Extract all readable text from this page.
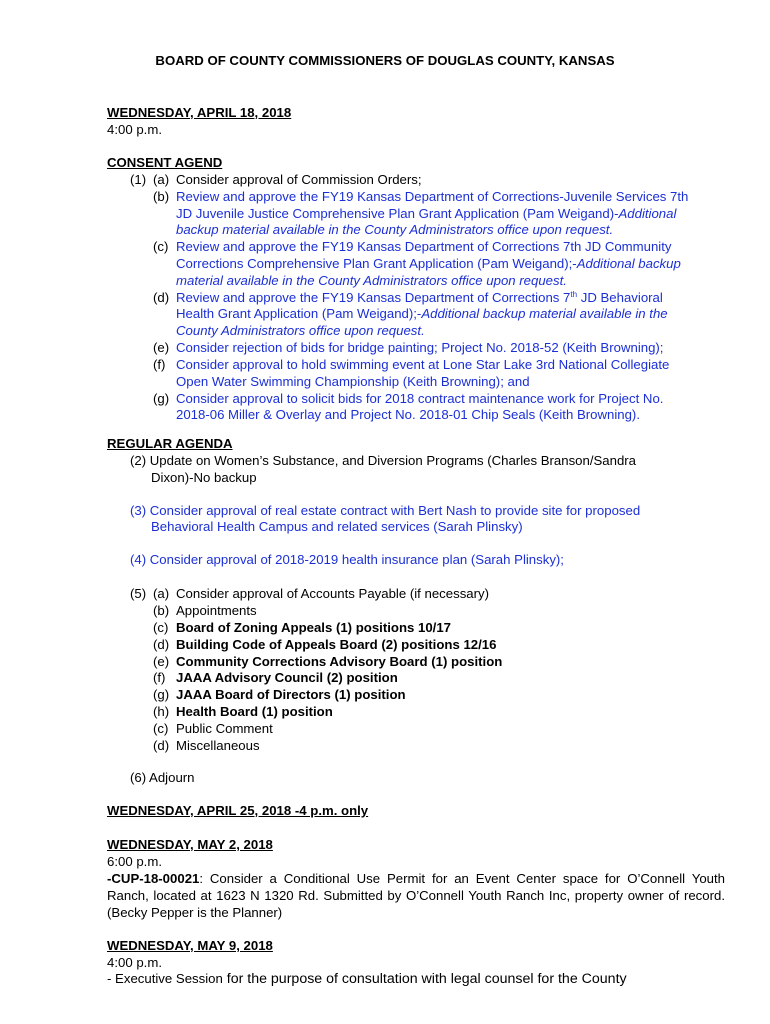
BOARD OF COUNTY COMMISSIONERS OF DOUGLAS COUNTY, KANSAS
WEDNESDAY, APRIL 18, 2018
4:00 p.m.
CONSENT AGEND
(1) (a) Consider approval of Commission Orders;
(b) Review and approve the FY19 Kansas Department of Corrections-Juvenile Services 7th
JD Juvenile Justice Comprehensive Plan Grant Application (Pam Weigand)-Additional
backup material available in the County Administrators office upon request.
(c) Review and approve the FY19 Kansas Department of Corrections 7th JD Community
Corrections Comprehensive Plan Grant Application (Pam Weigand);-Additional backup
material available in the County Administrators office upon request.
(d) Review and approve the FY19 Kansas Department of Corrections 7th JD Behavioral
Health Grant Application (Pam Weigand);-Additional backup material available in the
County Administrators office upon request.
(e) Consider rejection of bids for bridge painting; Project No. 2018-52 (Keith Browning);
(f) Consider approval to hold swimming event at Lone Star Lake 3rd National Collegiate
Open Water Swimming Championship (Keith Browning); and
(g) Consider approval to solicit bids for 2018 contract maintenance work for Project No.
2018-06 Miller & Overlay and Project No. 2018-01 Chip Seals (Keith Browning).
REGULAR AGENDA
(2) Update on Women’s Substance, and Diversion Programs (Charles Branson/Sandra
Dixon)-No backup
(3) Consider approval of real estate contract with Bert Nash to provide site for proposed
Behavioral Health Campus and related services (Sarah Plinsky)
(4) Consider approval of 2018-2019 health insurance plan (Sarah Plinsky);
(5) (a) Consider approval of Accounts Payable (if necessary)
(b) Appointments
(c) Board of Zoning Appeals (1) positions 10/17
(d) Building Code of Appeals Board (2) positions 12/16
(e) Community Corrections Advisory Board (1) position
(f) JAAA Advisory Council (2) position
(g) JAAA Board of Directors (1) position
(h) Health Board (1) position
(c) Public Comment
(d) Miscellaneous
(6) Adjourn
WEDNESDAY, APRIL 25, 2018 -4 p.m. only
WEDNESDAY, MAY 2, 2018
6:00 p.m.
-CUP-18-00021: Consider a Conditional Use Permit for an Event Center space for O’Connell Youth Ranch, located at 1623 N 1320 Rd. Submitted by O’Connell Youth Ranch Inc, property owner of record. (Becky Pepper is the Planner)
WEDNESDAY, MAY 9, 2018
4:00 p.m.
- Executive Session for the purpose of consultation with legal counsel for the County
